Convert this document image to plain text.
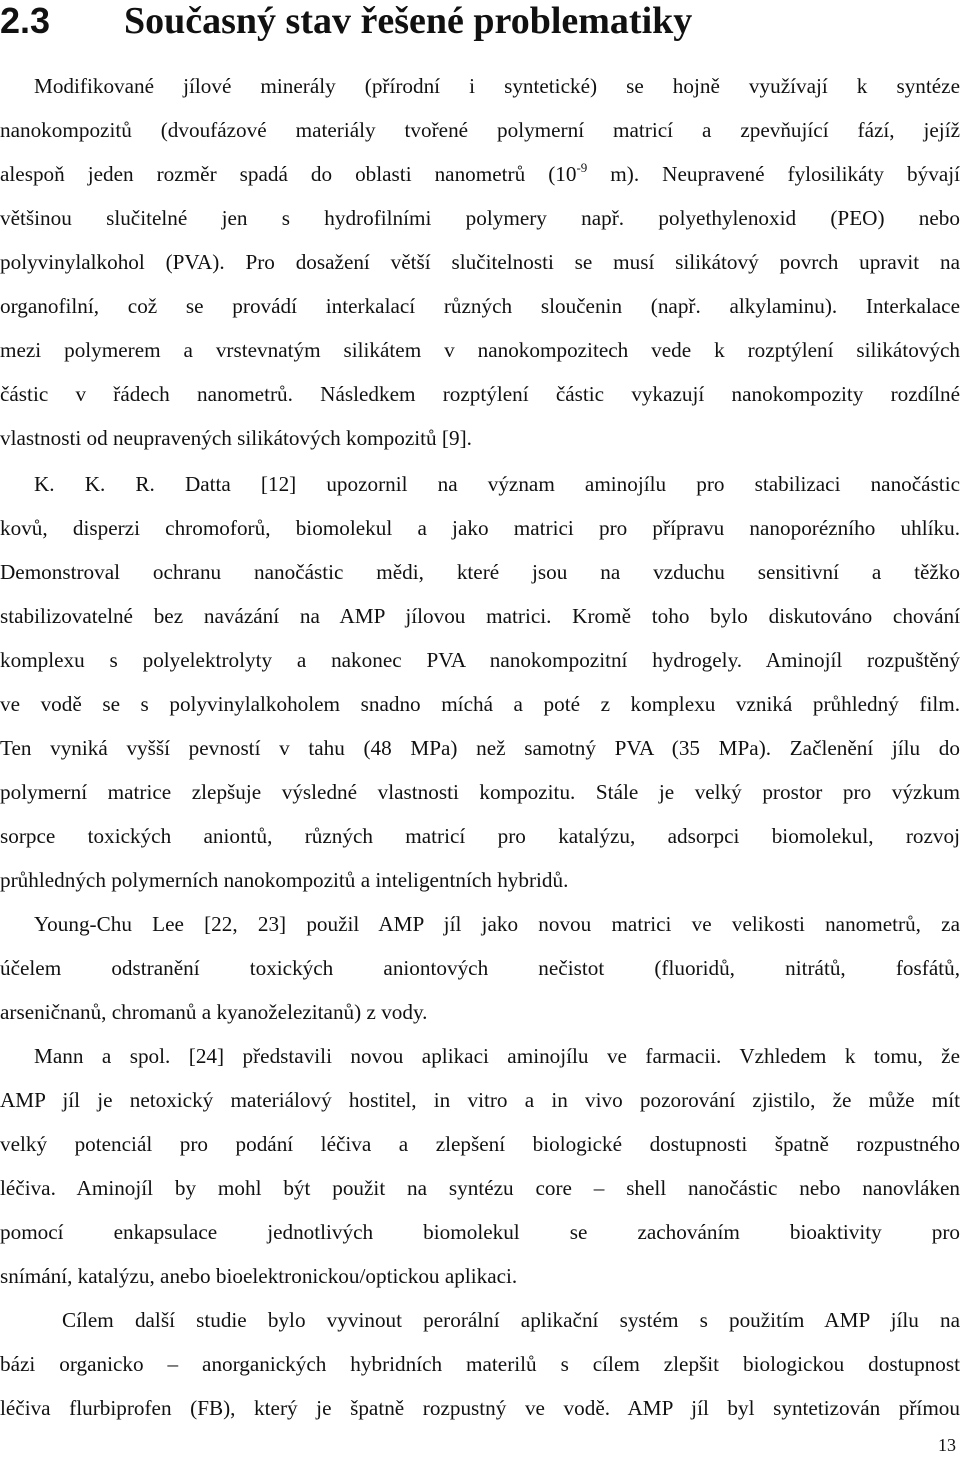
2.3 Současný stav řešené problematiky
Modifikované jílové minerály (přírodní i syntetické) se hojně využívají k syntéze
nanokompozitů (dvoufázové materiály tvořené polymerní matricí a zpevňující fází, jejíž
alespoň jeden rozměr spadá do oblasti nanometrů ($10^{-9}$ m). Neupravené fylosilikáty bývají
většinou slučitelné jen s hydrofilními polymery např. polyethylenoxid (PEO) nebo
polyvinylalkohol (PVA). Pro dosažení větší slučitelnosti se musí silikátový povrch upravit na
organofilní, což se provádí interkalací různých sloučenin (např. alkylaminu). Interkalace
mezi polymerem a vrstevnatým silikátem v nanokompozitech vede k rozptýlení silikátových
částic v řádech nanometrů. Následkem rozptýlení částic vykazují nanokompozity rozdílné
vlastnosti od neupravených silikátových kompozitů [9].
K. K. R. Datta [12] upozornil na význam aminojílu pro stabilizaci nanočástic
kovů, disperzi chromoforů, biomolekul a jako matrici pro přípravu nanoporézního uhlíku.
Demonstroval ochranu nanočástic mědi, které jsou na vzduchu sensitivní a těžko
stabilizovatelné bez navázání na AMP jílovou matrici. Kromě toho bylo diskutováno chování
komplexu s polyelektrolyty a nakonec PVA nanokompozitní hydrogely. Aminojíl rozpuštěný
ve vodě se s polyvinylalkoholem snadno míchá a poté z komplexu vzniká průhledný film.
Ten vyniká vyšší pevností v tahu (48 MPa) než samotný PVA (35 MPa). Začlenění jílu do
polymerní matrice zlepšuje výsledné vlastnosti kompozitu. Stále je velký prostor pro výzkum
sorpce toxických aniontů, různých matricí pro katalýzu, adsorpci biomolekul, rozvoj
průhledných polymerních nanokompozitů a inteligentních hybridů.
Young-Chu Lee [22, 23] použil AMP jíl jako novou matrici ve velikosti nanometrů, za
účelem odstranění toxických aniontových nečistot (fluoridů, nitrátů, fosfátů,
arseničnanů, chromanů a kyanoželezitanů) z vody.
Mann a spol. [24] představili novou aplikaci aminojílu ve farmacii. Vzhledem k tomu, že
AMP jíl je netoxický materiálový hostitel, in vitro a in vivo pozorování zjistilo, že může mít
velký potenciál pro podání léčiva a zlepšení biologické dostupnosti špatně rozpustného
léčiva. Aminojíl by mohl být použit na syntézu core – shell nanočástic nebo nanovláken
pomocí enkapsulace jednotlivých biomolekul se zachováním bioaktivity pro
snímání, katalýzu, anebo bioelektronickou/optickou aplikaci.
Cílem další studie bylo vyvinout perorální aplikační systém s použitím AMP jílu na
bázi organicko – anorganických hybridních materilů s cílem zlepšit biologickou dostupnost
léčiva flurbiprofen (FB), který je špatně rozpustný ve vodě. AMP jíl byl syntetizován přímou
13
